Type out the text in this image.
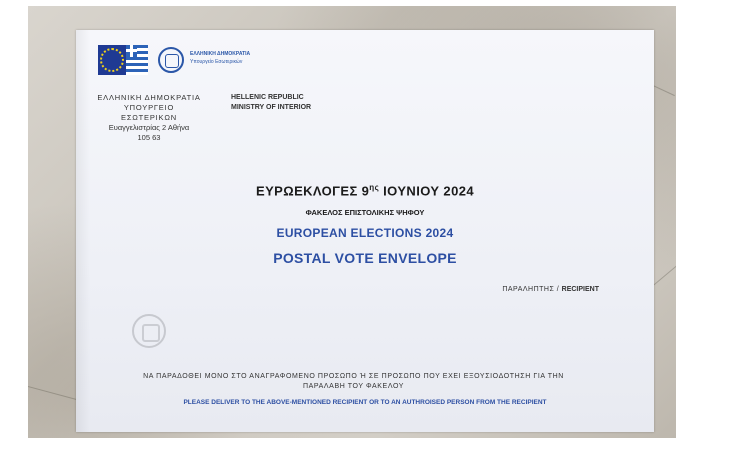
ΕΛΛΗΝΙΚΗ ΔΗΜΟΚΡΑΤΙΑ
Υπουργείο Εσωτερικών
ΕΛΛΗΝΙΚΗ ΔΗΜΟΚΡΑΤΙΑ
ΥΠΟΥΡΓΕΙΟ
ΕΣΩΤΕΡΙΚΩΝ
Ευαγγελιστρίας 2 Αθήνα
105 63
HELLENIC REPUBLIC
MINISTRY OF INTERIOR
ΕΥΡΩΕΚΛΟΓΕΣ $9^{\eta\varsigma}$ ΙΟΥΝΙΟΥ 2024
ΦΑΚΕΛΟΣ ΕΠΙΣΤΟΛΙΚΗΣ ΨΗΦΟΥ
EUROPEAN ELECTIONS 2024
POSTAL VOTE ENVELOPE
ΠΑΡΑΛΗΠΤΗΣ / RECIPIENT
ΝΑ ΠΑΡΑΔΟΘΕΙ ΜΟΝΟ ΣΤΟ ΑΝΑΓΡΑΦΟΜΕΝΟ ΠΡΟΣΩΠΟ Ή ΣΕ ΠΡΟΣΩΠΟ ΠΟΥ ΕΧΕΙ ΕΞΟΥΣΙΟΔΟΤΗΣΗ ΓΙΑ ΤΗΝ ΠΑΡΑΛΑΒΗ ΤΟΥ ΦΑΚΕΛΟΥ
PLEASE DELIVER TO THE ABOVE-MENTIONED RECIPIENT OR TO AN AUTHROISED PERSON FROM THE RECIPIENT
